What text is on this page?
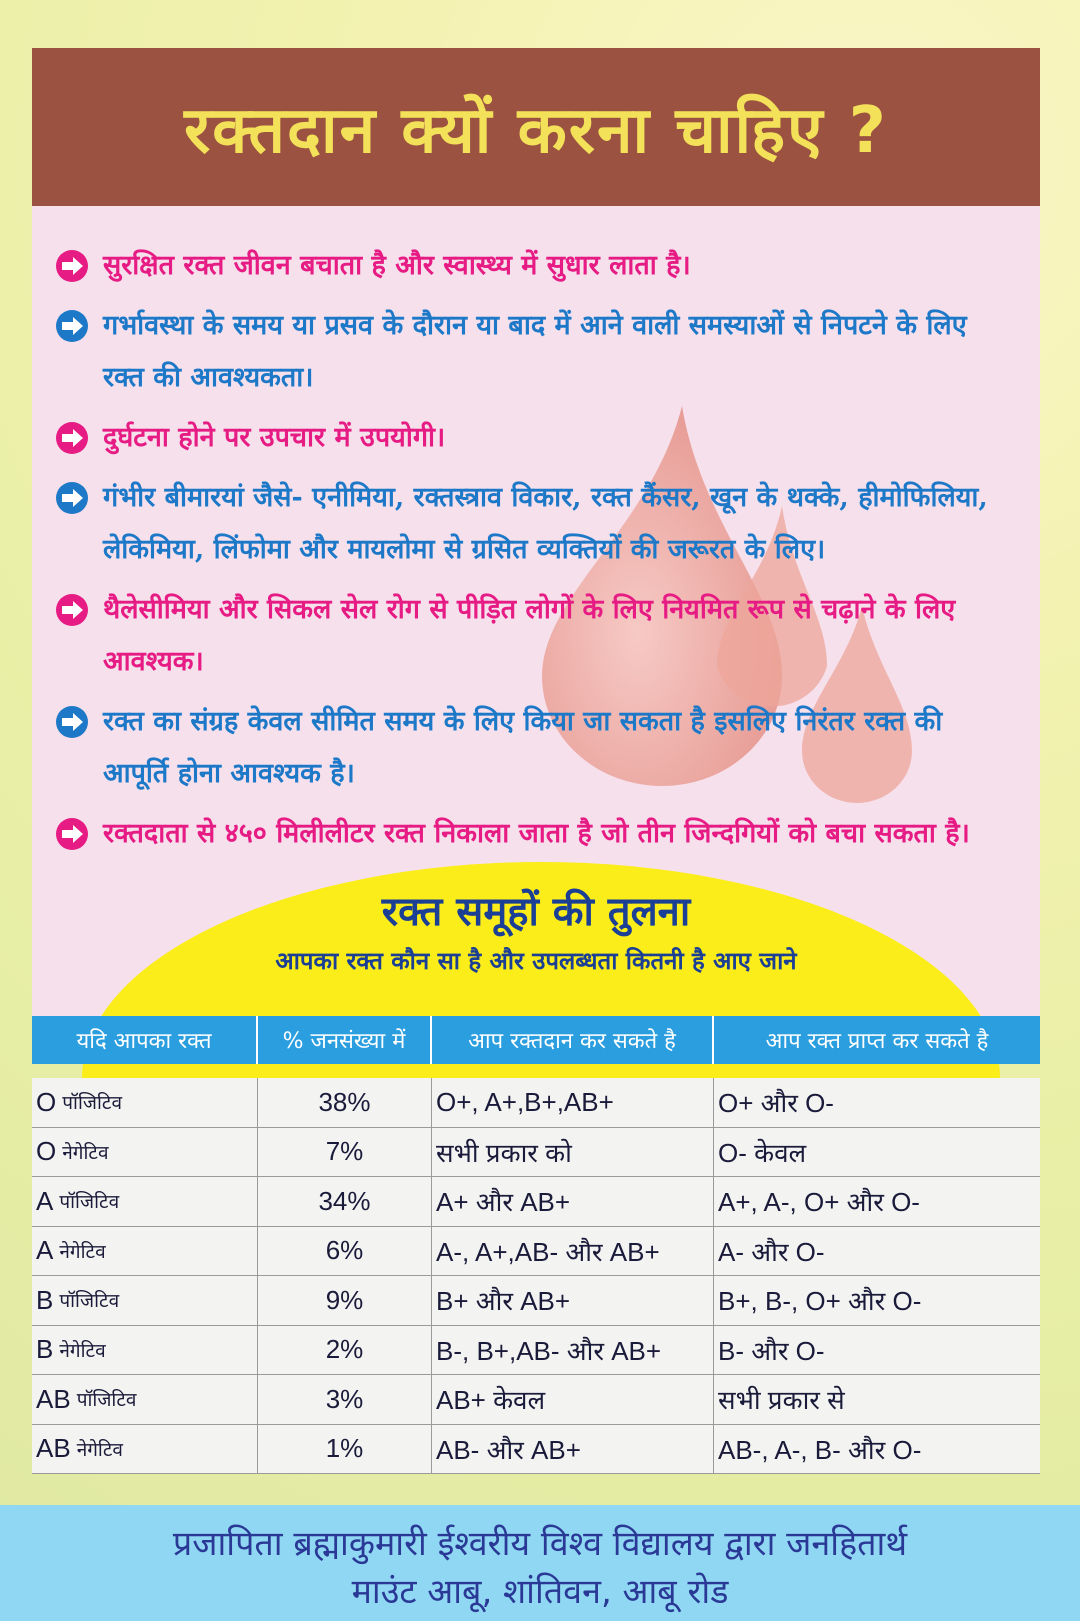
रक्तदान क्यों करना चाहिए ?
सुरक्षित रक्त जीवन बचाता है और स्वास्थ्य में सुधार लाता है।
गर्भावस्था के समय या प्रसव के दौरान या बाद में आने वाली समस्याओं से निपटने के लिए रक्त की आवश्यकता।
दुर्घटना होने पर उपचार में उपयोगी।
गंभीर बीमारयां जैसे- एनीमिया, रक्तस्त्राव विकार, रक्त कैंसर, खून के थक्के, हीमोफिलिया, लेकिमिया, लिंफोमा और मायलोमा से ग्रसित व्यक्तियों की जरूरत के लिए।
थैलेसीमिया और सिकल सेल रोग से पीड़ित लोगों के लिए नियमित रूप से चढ़ाने के लिए आवश्यक।
रक्त का संग्रह केवल सीमित समय के लिए किया जा सकता है इसलिए निरंतर रक्त की आपूर्ति होना आवश्यक है।
रक्तदाता से ४५० मिलीलीटर रक्त निकाला जाता है जो तीन जिन्दगियों को बचा सकता है।
रक्त समूहों की तुलना
आपका रक्त कौन सा है और उपलब्धता कितनी है आए जाने
यदि आपका रक्त	% जनसंख्या में	आप रक्तदान कर सकते है	आप रक्त प्राप्त कर सकते है
O पॉजिटिव	38%	O+, A+,B+,AB+	O+ और O-
O नेगेटिव	7%	सभी प्रकार को	O- केवल
A पॉजिटिव	34%	A+ और AB+	A+, A-, O+ और O-
A नेगेटिव	6%	A-, A+,AB- और AB+	A- और O-
B पॉजिटिव	9%	B+ और AB+	B+, B-, O+ और O-
B नेगेटिव	2%	B-, B+,AB- और AB+	B- और O-
AB पॉजिटिव	3%	AB+ केवल	सभी प्रकार से
AB नेगेटिव	1%	AB- और AB+	AB-, A-, B- और O-
प्रजापिता ब्रह्माकुमारी ईश्वरीय विश्व विद्यालय द्वारा जनहितार्थ
माउंट आबू, शांतिवन, आबू रोड
